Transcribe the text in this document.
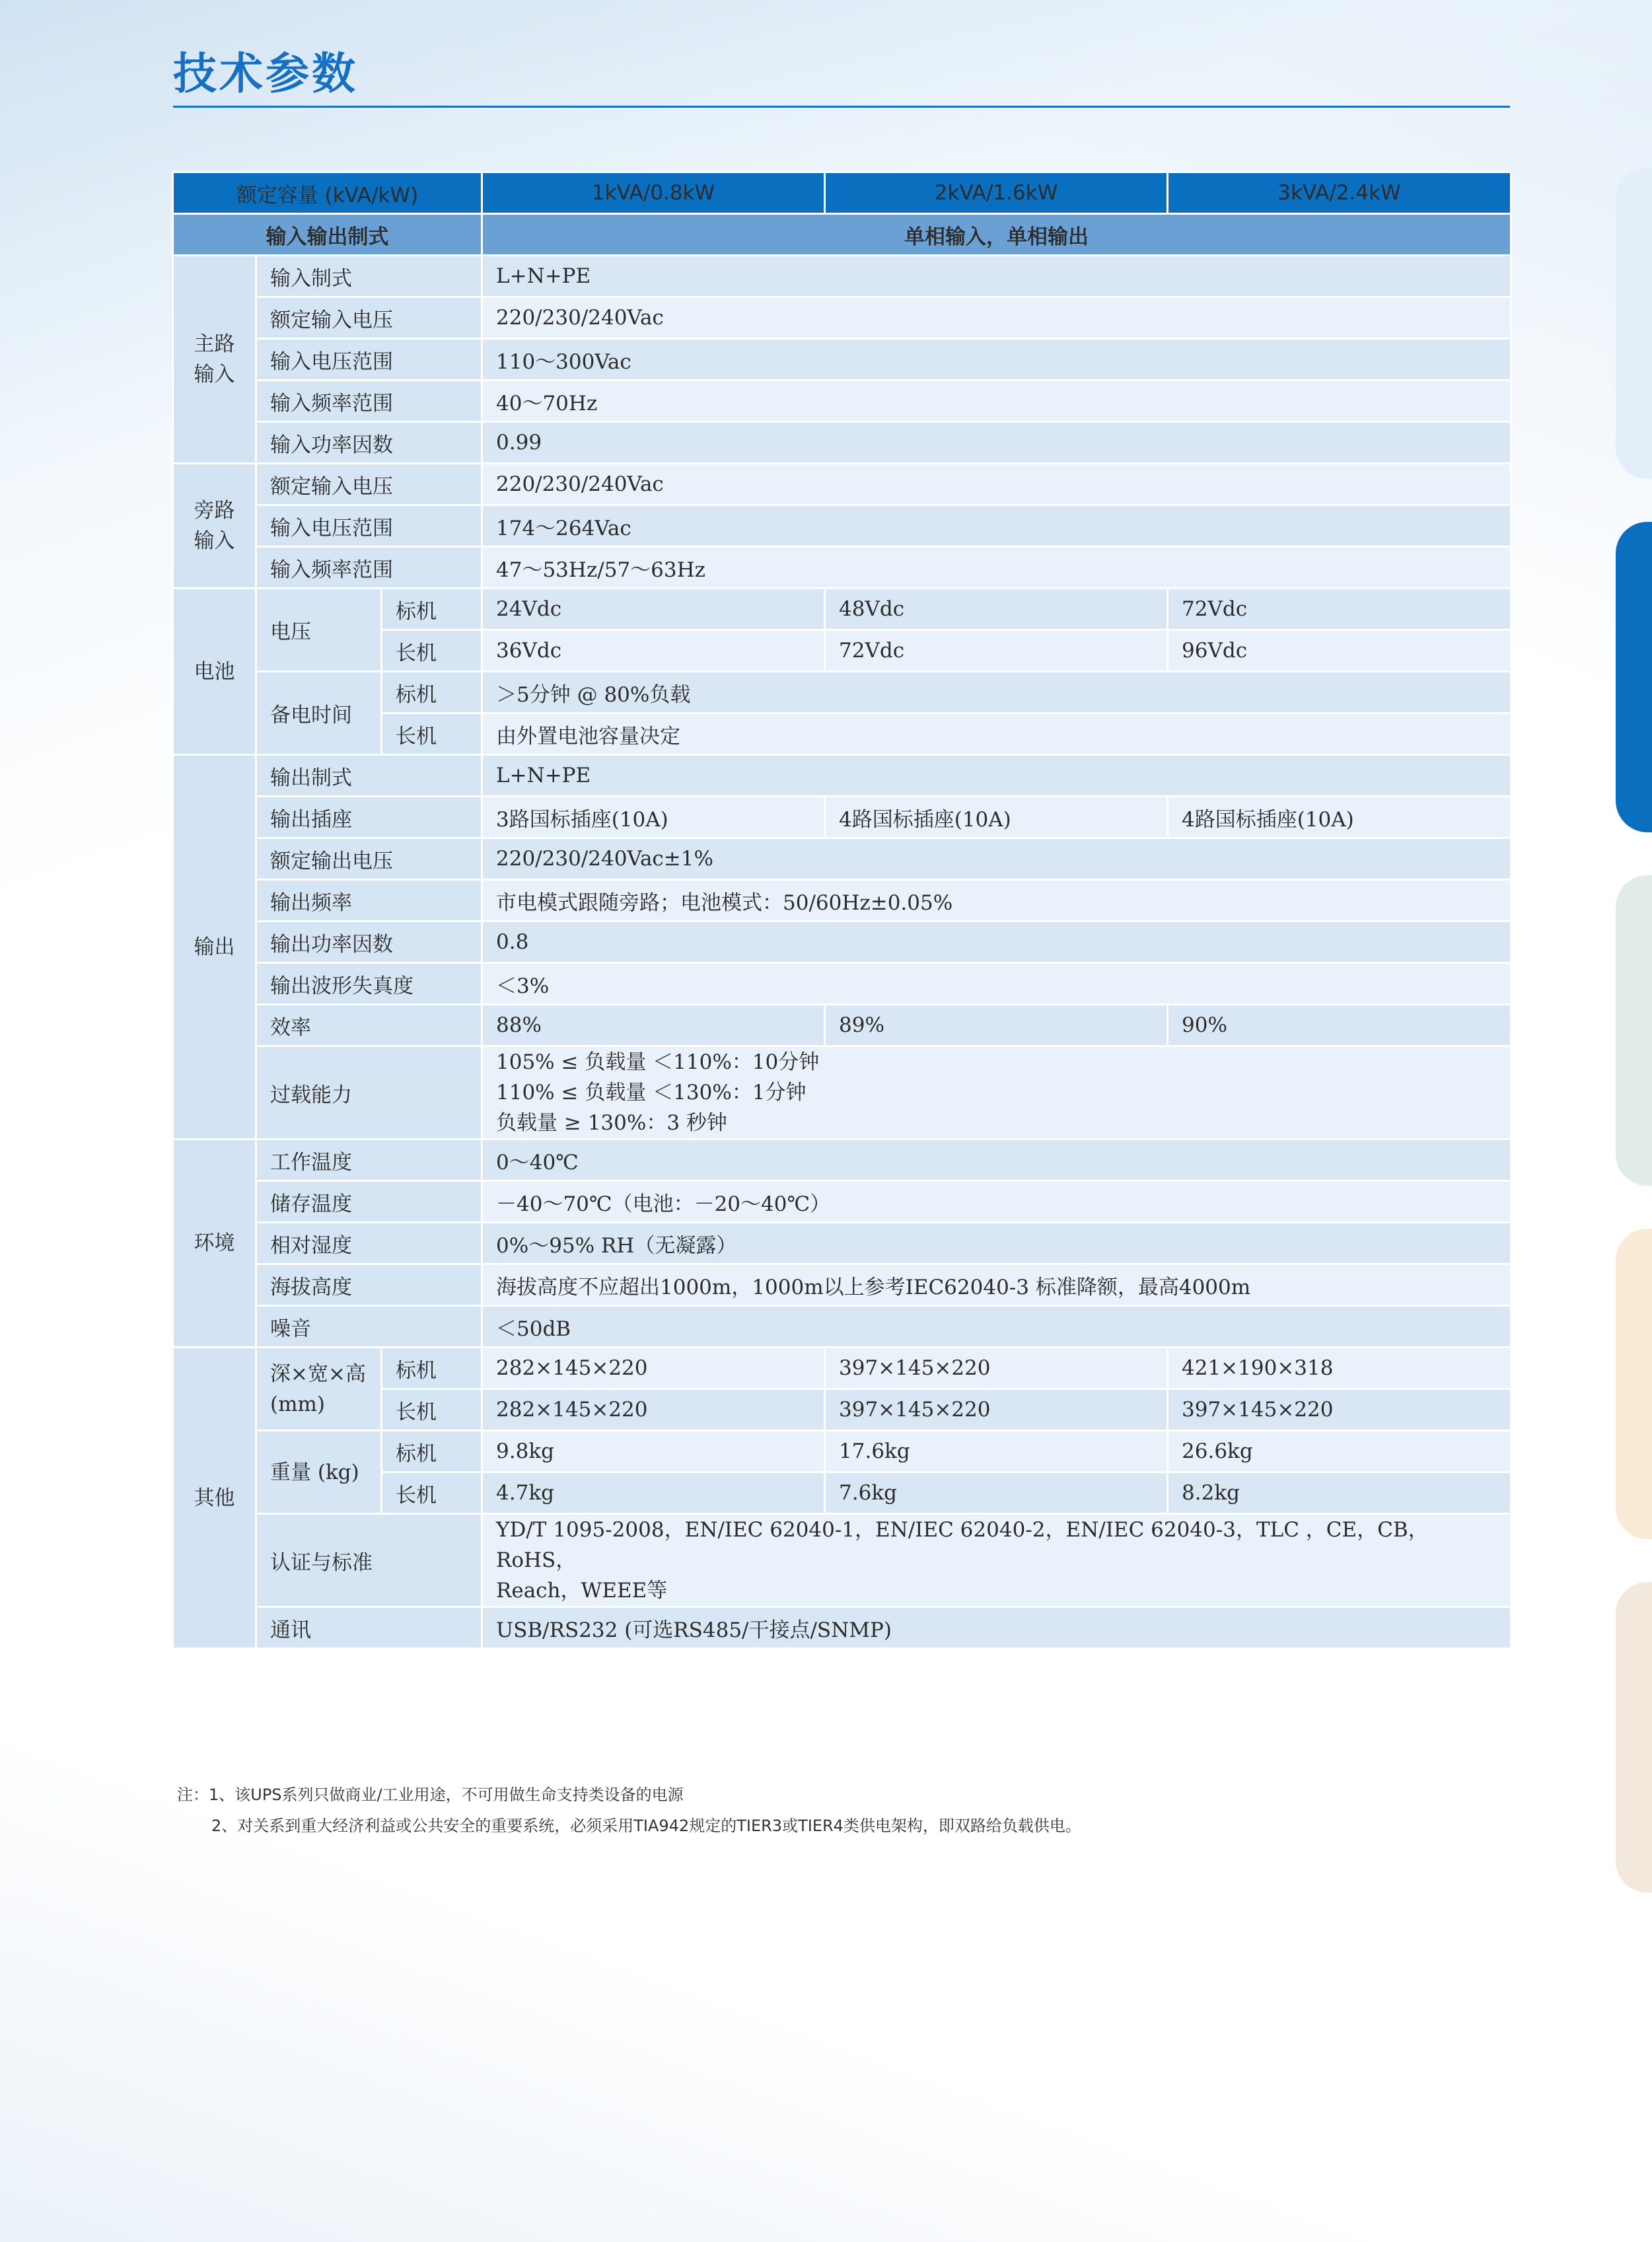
技术参数
额定容量 (kVA/kW)			1kVA/0.8kW	2kVA/1.6kW	3kVA/2.4kW
输入输出制式			单相输入，单相输出		
主路输入	输入制式		L+N+PE		
	额定输入电压		220/230/240Vac		
	输入电压范围		110～300Vac		
	输入频率范围		40～70Hz		
	输入功率因数		0.99		
旁路输入	额定输入电压		220/230/240Vac		
	输入电压范围		174～264Vac		
	输入频率范围		47～53Hz/57～63Hz		
电池	电压	标机	24Vdc	48Vdc	72Vdc
		长机	36Vdc	72Vdc	96Vdc
	备电时间	标机	＞5分钟 @ 80%负载		
		长机	由外置电池容量决定		
输出	输出制式		L+N+PE		
	输出插座		3路国标插座(10A)	4路国标插座(10A)	4路国标插座(10A)
	额定输出电压		220/230/240Vac±1%		
	输出频率		市电模式跟随旁路；电池模式：50/60Hz±0.05%		
	输出功率因数		0.8		
	输出波形失真度		＜3%		
	效率		88%	89%	90%
	过载能力		105% ≤ 负载量 ＜110%：10分钟
110% ≤ 负载量 ＜130%：1分钟
负载量 ≥ 130%：3 秒钟		

环境	工作温度		0～40℃		
	储存温度		－40～70℃（电池：－20～40℃）		
	相对湿度		0%～95% RH（无凝露）		
	海拔高度		海拔高度不应超出1000m，1000m以上参考IEC62040-3 标准降额，最高4000m		
	噪音		＜50dB		
其他	深×宽×高 (mm)	标机	282×145×220	397×145×220	421×190×318
		长机	282×145×220	397×145×220	397×145×220
	重量 (kg)	标机	9.8kg	17.6kg	26.6kg
		长机	4.7kg	7.6kg	8.2kg
	认证与标准		YD/T 1095-2008，EN/IEC 62040-1，EN/IEC 62040-2，EN/IEC 62040-3，TLC ，CE，CB，RoHS，
Reach，WEEE等		

	通讯		USB/RS232 (可选RS485/干接点/SNMP)		
注：1、该UPS系列只做商业/工业用途，不可用做生命支持类设备的电源
2、对关系到重大经济利益或公共安全的重要系统，必须采用TIA942规定的TIER3或TIER4类供电架构，即双路给负载供电。
